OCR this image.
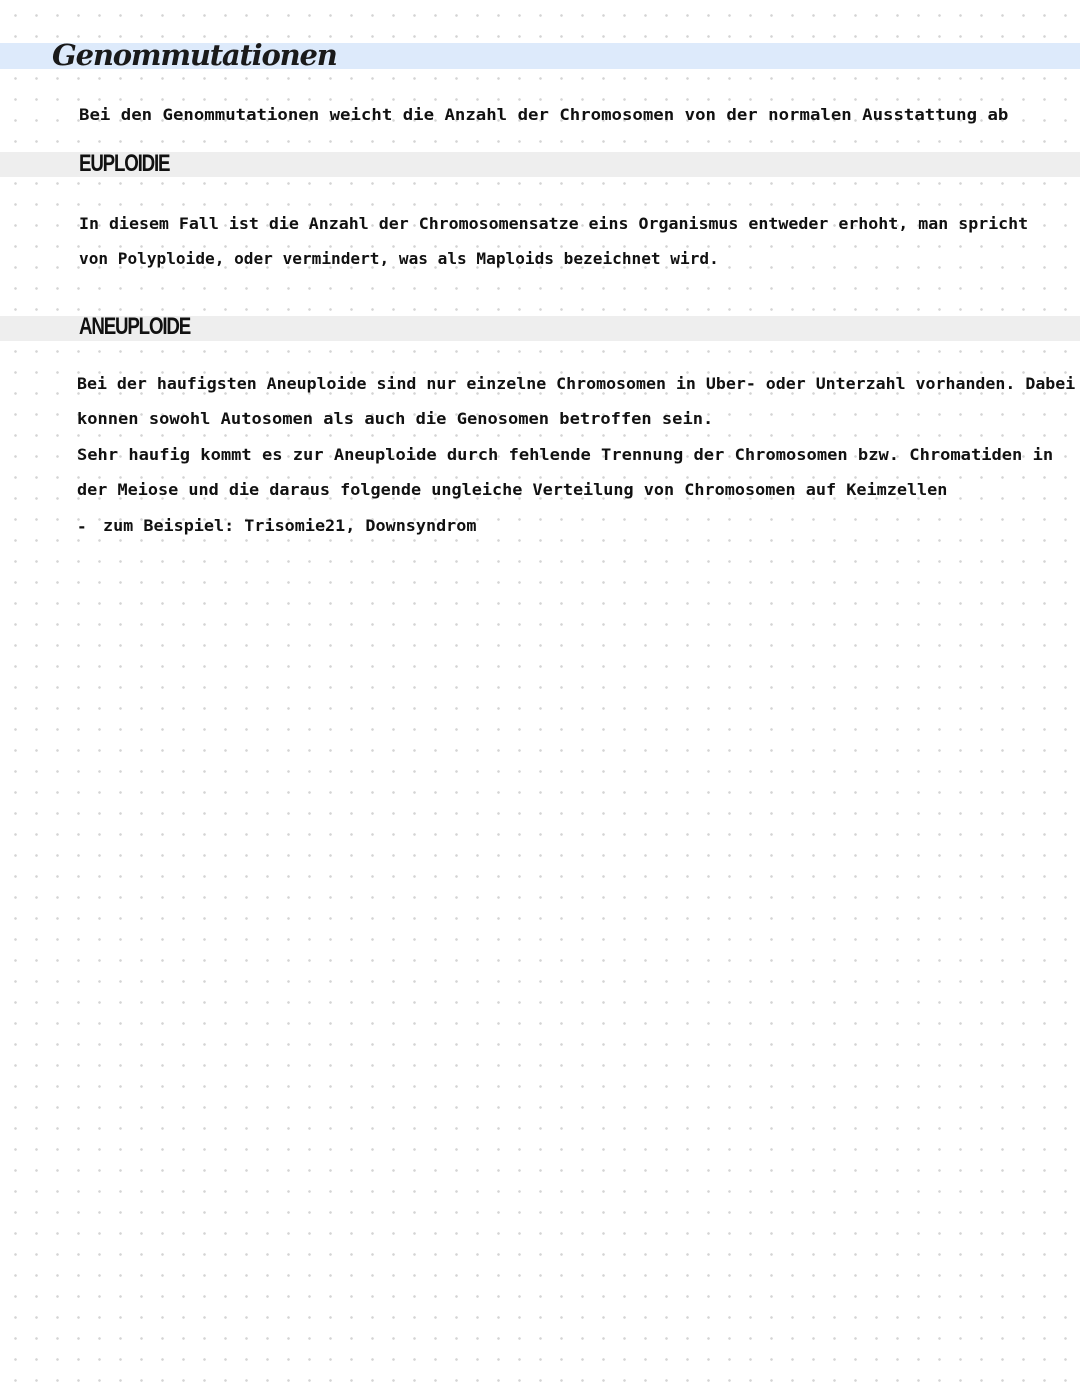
Genommutationen

Bei den Genommutationen weicht die Anzahl der Chromosomen von der normalen Ausstattung ab

EUPLOIDIE

In diesem Fall ist die Anzahl der Chromosomensatze eins Organismus entweder erhoht, man spricht

von Polyploide, oder vermindert, was als Maploids bezeichnet wird.

ANEUPLOIDE

Bei der haufigsten Aneuploide sind nur einzelne Chromosomen in Uber- oder Unterzahl vorhanden. Dabei

konnen sowohl Autosomen als auch die Genosomen betroffen sein.

Sehr haufig kommt es zur Aneuploide durch fehlende Trennung der Chromosomen bzw. Chromatiden in

der Meiose und die daraus folgende ungleiche Verteilung von Chromosomen auf Keimzellen

- zum Beispiel: Trisomie21, Downsyndrom
